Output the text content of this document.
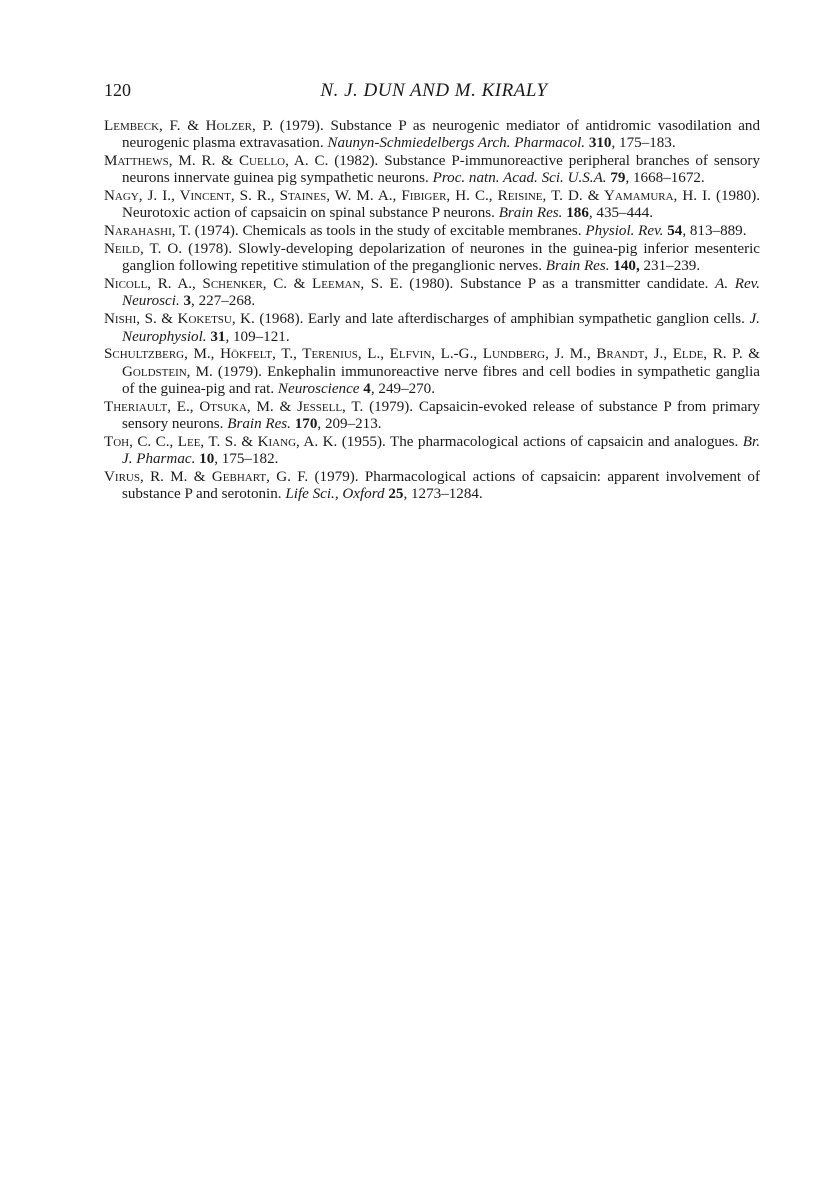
120	N. J. DUN AND M. KIRALY
Lembeck, F. & Holzer, P. (1979). Substance P as neurogenic mediator of antidromic vasodilation and neurogenic plasma extravasation. Naunyn-Schmiedelbergs Arch. Pharmacol. 310, 175–183.
Matthews, M. R. & Cuello, A. C. (1982). Substance P-immunoreactive peripheral branches of sensory neurons innervate guinea pig sympathetic neurons. Proc. natn. Acad. Sci. U.S.A. 79, 1668–1672.
Nagy, J. I., Vincent, S. R., Staines, W. M. A., Fibiger, H. C., Reisine, T. D. & Yamamura, H. I. (1980). Neurotoxic action of capsaicin on spinal substance P neurons. Brain Res. 186, 435–444.
Narahashi, T. (1974). Chemicals as tools in the study of excitable membranes. Physiol. Rev. 54, 813–889.
Neild, T. O. (1978). Slowly-developing depolarization of neurones in the guinea-pig inferior mesenteric ganglion following repetitive stimulation of the preganglionic nerves. Brain Res. 140, 231–239.
Nicoll, R. A., Schenker, C. & Leeman, S. E. (1980). Substance P as a transmitter candidate. A. Rev. Neurosci. 3, 227–268.
Nishi, S. & Koketsu, K. (1968). Early and late afterdischarges of amphibian sympathetic ganglion cells. J. Neurophysiol. 31, 109–121.
Schultzberg, M., Hökfelt, T., Terenius, L., Elfvin, L.-G., Lundberg, J. M., Brandt, J., Elde, R. P. & Goldstein, M. (1979). Enkephalin immunoreactive nerve fibres and cell bodies in sympathetic ganglia of the guinea-pig and rat. Neuroscience 4, 249–270.
Theriault, E., Otsuka, M. & Jessell, T. (1979). Capsaicin-evoked release of substance P from primary sensory neurons. Brain Res. 170, 209–213.
Toh, C. C., Lee, T. S. & Kiang, A. K. (1955). The pharmacological actions of capsaicin and analogues. Br. J. Pharmac. 10, 175–182.
Virus, R. M. & Gebhart, G. F. (1979). Pharmacological actions of capsaicin: apparent involvement of substance P and serotonin. Life Sci., Oxford 25, 1273–1284.
